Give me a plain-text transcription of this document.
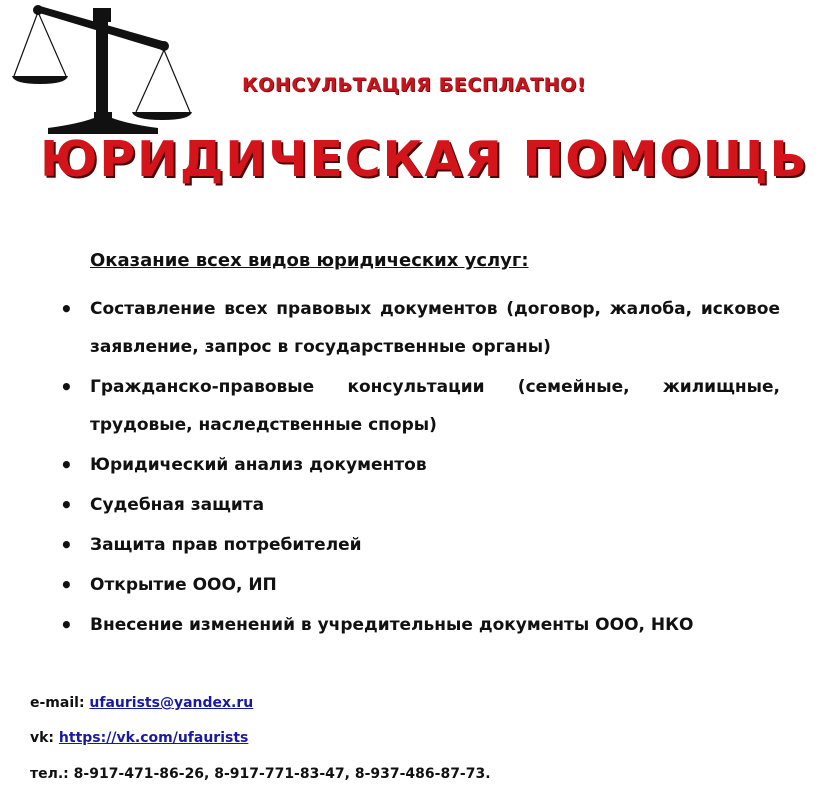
КОНСУЛЬТАЦИЯ БЕСПЛАТНО!
ЮРИДИЧЕСКАЯ ПОМОЩЬ
Оказание всех видов юридических услуг:
• Составление всех правовых документов (договор, жалоба, исковое заявление, запрос в государственные органы)
• Гражданско-правовые консультации (семейные, жилищные, трудовые, наследственные споры)
• Юридический анализ документов
• Судебная защита
• Защита прав потребителей
• Открытие ООО, ИП
• Внесение изменений в учредительные документы ООО, НКО
e-mail: ufaurists@yandex.ru
vk: https://vk.com/ufaurists
тел.: 8-917-471-86-26, 8-917-771-83-47, 8-937-486-87-73.
